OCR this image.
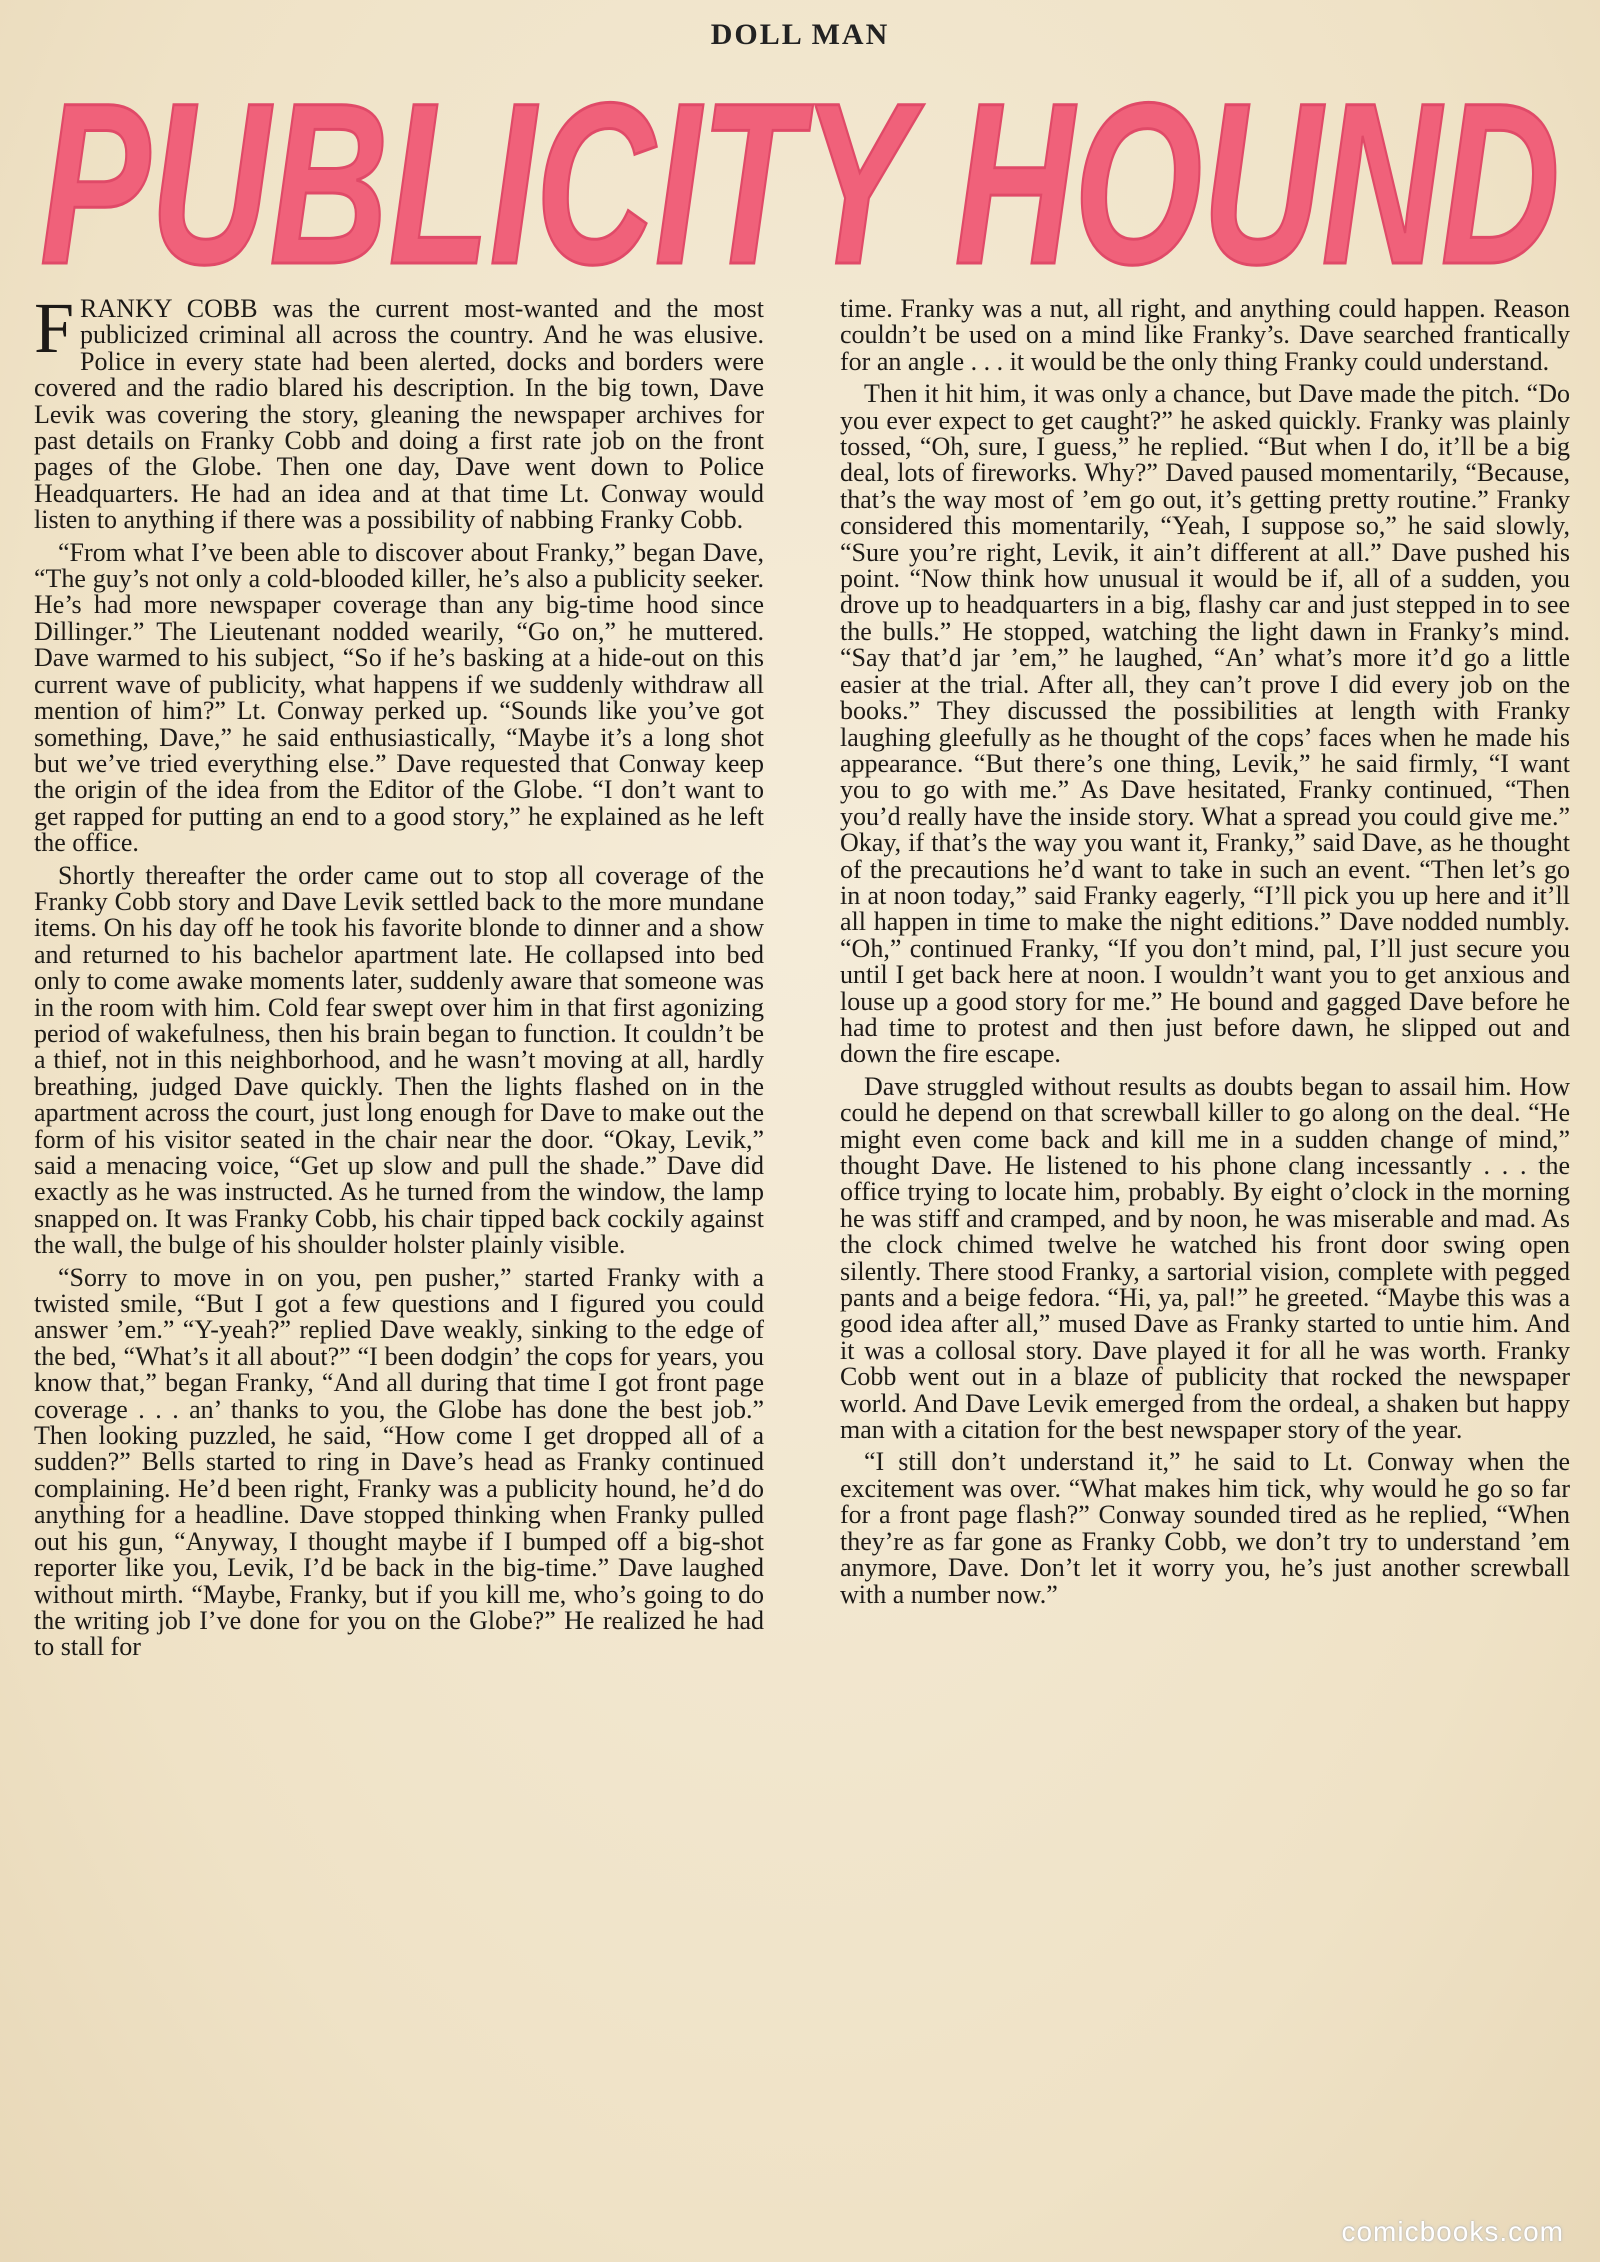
DOLL MAN
PUBLICITY HOUND

FRANKY COBB was the current most-wanted and the most publicized criminal all across the country. And he was elusive. Police in every state had been alerted, docks and borders were covered and the radio blared his description. In the big town, Dave Levik was covering the story, gleaning the newspaper archives for past details on Franky Cobb and doing a first rate job on the front pages of the Globe. Then one day, Dave went down to Police Headquarters. He had an idea and at that time Lt. Conway would listen to anything if there was a possibility of nabbing Franky Cobb.

“From what I’ve been able to discover about Franky,” began Dave, “The guy’s not only a cold-blooded killer, he’s also a publicity seeker. He’s had more newspaper coverage than any big-time hood since Dillinger.” The Lieutenant nodded wearily, “Go on,” he muttered. Dave warmed to his subject, “So if he’s basking at a hide-out on this current wave of publicity, what happens if we suddenly withdraw all mention of him?” Lt. Conway perked up. “Sounds like you’ve got something, Dave,” he said enthusiastically, “Maybe it’s a long shot but we’ve tried everything else.” Dave requested that Conway keep the origin of the idea from the Editor of the Globe. “I don’t want to get rapped for putting an end to a good story,” he explained as he left the office.

Shortly thereafter the order came out to stop all coverage of the Franky Cobb story and Dave Levik settled back to the more mundane items. On his day off he took his favorite blonde to dinner and a show and returned to his bachelor apartment late. He collapsed into bed only to come awake moments later, suddenly aware that someone was in the room with him. Cold fear swept over him in that first agonizing period of wakefulness, then his brain began to function. It couldn’t be a thief, not in this neighborhood, and he wasn’t moving at all, hardly breathing, judged Dave quickly. Then the lights flashed on in the apartment across the court, just long enough for Dave to make out the form of his visitor seated in the chair near the door. “Okay, Levik,” said a menacing voice, “Get up slow and pull the shade.” Dave did exactly as he was instructed. As he turned from the window, the lamp snapped on. It was Franky Cobb, his chair tipped back cockily against the wall, the bulge of his shoulder holster plainly visible.

“Sorry to move in on you, pen pusher,” started Franky with a twisted smile, “But I got a few questions and I figured you could answer ’em.” “Y-yeah?” replied Dave weakly, sinking to the edge of the bed, “What’s it all about?” “I been dodgin’ the cops for years, you know that,” began Franky, “And all during that time I got front page coverage . . . an’ thanks to you, the Globe has done the best job.” Then looking puzzled, he said, “How come I get dropped all of a sudden?” Bells started to ring in Dave’s head as Franky continued complaining. He’d been right, Franky was a publicity hound, he’d do anything for a headline. Dave stopped thinking when Franky pulled out his gun, “Anyway, I thought maybe if I bumped off a big-shot reporter like you, Levik, I’d be back in the big-time.” Dave laughed without mirth. “Maybe, Franky, but if you kill me, who’s going to do the writing job I’ve done for you on the Globe?” He realized he had to stall for

time. Franky was a nut, all right, and anything could happen. Reason couldn’t be used on a mind like Franky’s. Dave searched frantically for an angle . . . it would be the only thing Franky could understand.

Then it hit him, it was only a chance, but Dave made the pitch. “Do you ever expect to get caught?” he asked quickly. Franky was plainly tossed, “Oh, sure, I guess,” he replied. “But when I do, it’ll be a big deal, lots of fireworks. Why?” Daved paused momentarily, “Because, that’s the way most of ’em go out, it’s getting pretty routine.” Franky considered this momentarily, “Yeah, I suppose so,” he said slowly, “Sure you’re right, Levik, it ain’t different at all.” Dave pushed his point. “Now think how unusual it would be if, all of a sudden, you drove up to headquarters in a big, flashy car and just stepped in to see the bulls.” He stopped, watching the light dawn in Franky’s mind. “Say that’d jar ’em,” he laughed, “An’ what’s more it’d go a little easier at the trial. After all, they can’t prove I did every job on the books.” They discussed the possibilities at length with Franky laughing gleefully as he thought of the cops’ faces when he made his appearance. “But there’s one thing, Levik,” he said firmly, “I want you to go with me.” As Dave hesitated, Franky continued, “Then you’d really have the inside story. What a spread you could give me.” Okay, if that’s the way you want it, Franky,” said Dave, as he thought of the precautions he’d want to take in such an event. “Then let’s go in at noon today,” said Franky eagerly, “I’ll pick you up here and it’ll all happen in time to make the night editions.” Dave nodded numbly. “Oh,” continued Franky, “If you don’t mind, pal, I’ll just secure you until I get back here at noon. I wouldn’t want you to get anxious and louse up a good story for me.” He bound and gagged Dave before he had time to protest and then just before dawn, he slipped out and down the fire escape.

Dave struggled without results as doubts began to assail him. How could he depend on that screwball killer to go along on the deal. “He might even come back and kill me in a sudden change of mind,” thought Dave. He listened to his phone clang incessantly . . . the office trying to locate him, probably. By eight o’clock in the morning he was stiff and cramped, and by noon, he was miserable and mad. As the clock chimed twelve he watched his front door swing open silently. There stood Franky, a sartorial vision, complete with pegged pants and a beige fedora. “Hi, ya, pal!” he greeted. “Maybe this was a good idea after all,” mused Dave as Franky started to untie him. And it was a collosal story. Dave played it for all he was worth. Franky Cobb went out in a blaze of publicity that rocked the newspaper world. And Dave Levik emerged from the ordeal, a shaken but happy man with a citation for the best newspaper story of the year.

“I still don’t understand it,” he said to Lt. Conway when the excitement was over. “What makes him tick, why would he go so far for a front page flash?” Conway sounded tired as he replied, “When they’re as far gone as Franky Cobb, we don’t try to understand ’em anymore, Dave. Don’t let it worry you, he’s just another screwball with a number now.”

comicbooks.com
